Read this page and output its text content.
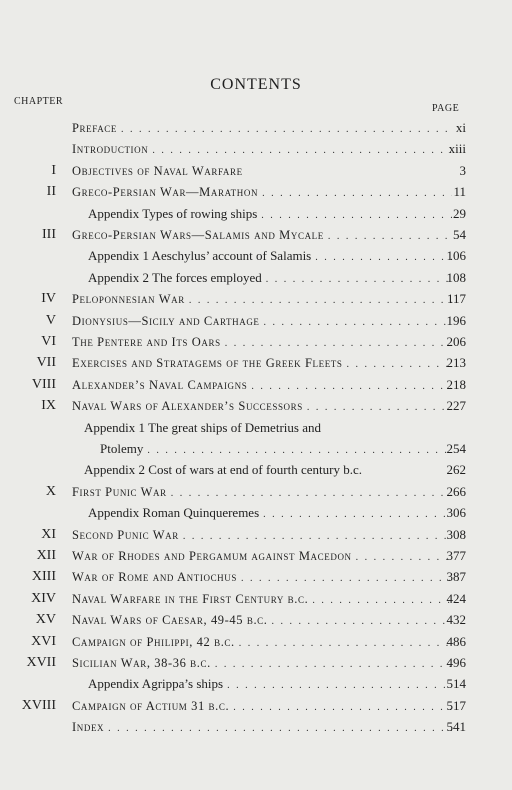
CONTENTS
CHAPTER
PAGE
Preface . . .	xi
Introduction . . .	xiii
I Objectives of Naval Warfare	3
II Greco-Persian War—Marathon . . .	11
Appendix Types of rowing ships . . .	29
III Greco-Persian Wars—Salamis and Mycale . . .	54
Appendix 1 Aeschylus’ account of Salamis . . .	106
Appendix 2 The forces employed . . .	108
IV Peloponnesian War . . .	117
V Dionysius—Sicily and Carthage . . .	196
VI The Pentere and Its Oars . . .	206
VII Exercises and Stratagems of the Greek Fleets . . .	213
VIII Alexander’s Naval Campaigns . . .	218
IX Naval Wars of Alexander’s Successors . . .	227
Appendix 1 The great ships of Demetrius and
Ptolemy . . .	254
Appendix 2 Cost of wars at end of fourth century b.c.	262
X First Punic War . . .	266
Appendix Roman Quinqueremes . . .	306
XI Second Punic War . . .	308
XII War of Rhodes and Pergamum against Macedon . . .	377
XIII War of Rome and Antiochus . . .	387
XIV Naval Warfare in the First Century b.c. . . .	424
XV Naval Wars of Caesar, 49-45 b.c. . . .	432
XVI Campaign of Philippi, 42 b.c. . . .	486
XVII Sicilian War, 38-36 b.c. . . .	496
Appendix Agrippa’s ships . . .	514
XVIII Campaign of Actium 31 b.c. . . .	517
Index . . .	541
